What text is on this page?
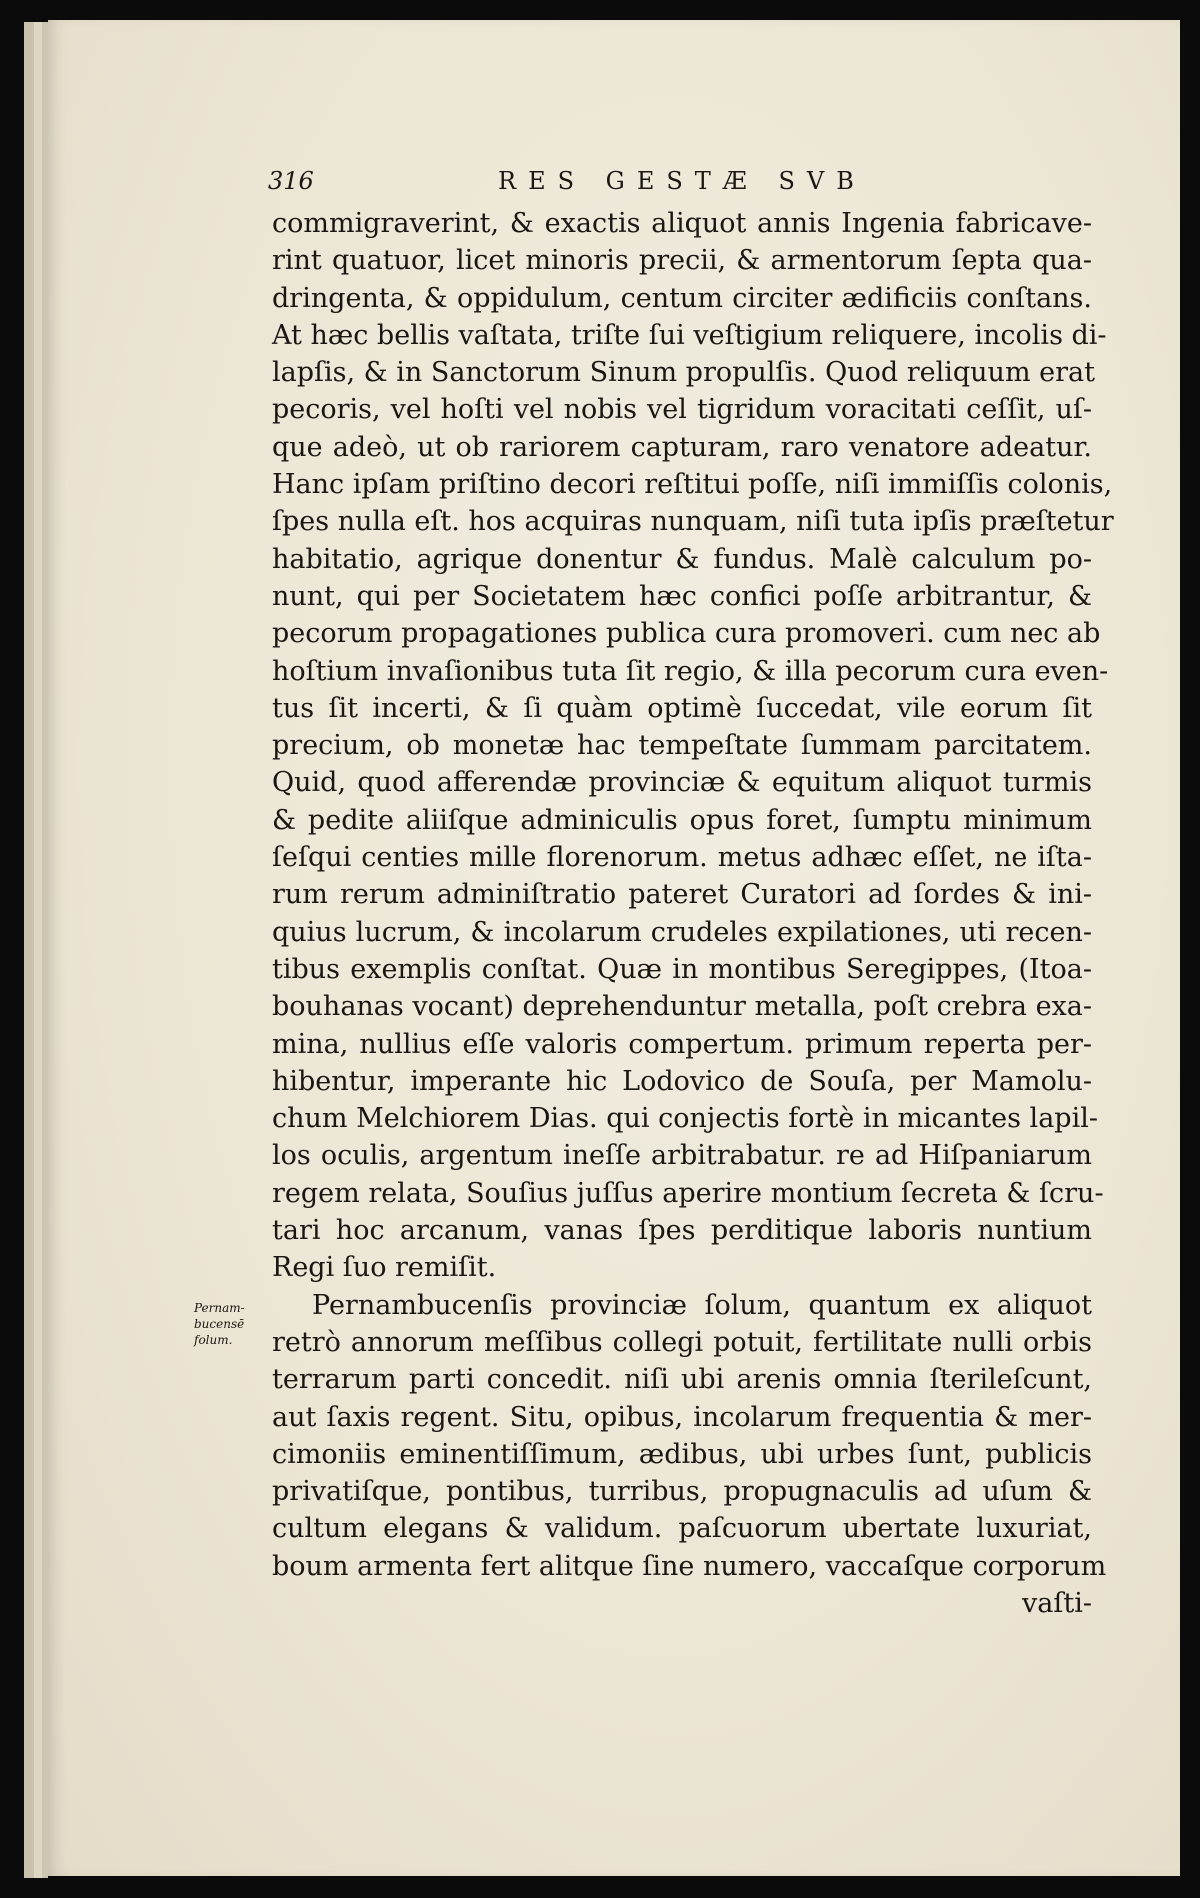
316	RES GESTÆ SVB
Pernam-
bucensē
folum.
commigraverint, & exactis aliquot annis Ingenia fabricave-
rint quatuor, licet minoris precii, & armentorum ſepta qua-
dringenta, & oppidulum, centum circiter ædificiis conſtans.
At hæc bellis vaſtata, triſte ſui veſtigium reliquere, incolis di-
lapſis, & in Sanctorum Sinum propulſis. Quod reliquum erat
pecoris, vel hoſti vel nobis vel tigridum voracitati ceſſit, uſ-
que adeò, ut ob rariorem capturam, raro venatore adeatur.
Hanc ipſam priſtino decori reſtitui poſſe, niſi immiſſis colonis,
ſpes nulla eſt. hos acquiras nunquam, niſi tuta ipſis præſtetur
habitatio, agrique donentur & fundus. Malè calculum po-
nunt, qui per Societatem hæc confici poſſe arbitrantur, &
pecorum propagationes publica cura promoveri. cum nec ab
hoſtium invaſionibus tuta ſit regio, & illa pecorum cura even-
tus ſit incerti, & ſi quàm optimè ſuccedat, vile eorum ſit
precium, ob monetæ hac tempeſtate ſummam parcitatem.
Quid, quod afferendæ provinciæ & equitum aliquot turmis
& pedite aliiſque adminiculis opus foret, ſumptu minimum
ſeſqui centies mille florenorum. metus adhæc eſſet, ne iſta-
rum rerum adminiſtratio pateret Curatori ad ſordes & ini-
quius lucrum, & incolarum crudeles expilationes, uti recen-
tibus exemplis conſtat. Quæ in montibus Seregippes, (Itoa-
bouhanas vocant) deprehenduntur metalla, poſt crebra exa-
mina, nullius eſſe valoris compertum. primum reperta per-
hibentur, imperante hic Lodovico de Souſa, per Mamolu-
chum Melchiorem Dias. qui conjectis fortè in micantes lapil-
los oculis, argentum ineſſe arbitrabatur. re ad Hiſpaniarum
regem relata, Souſius juſſus aperire montium ſecreta & ſcru-
tari hoc arcanum, vanas ſpes perditique laboris nuntium
Regi ſuo remiſit.
Pernambucenſis provinciæ ſolum, quantum ex aliquot
retrò annorum meſſibus collegi potuit, fertilitate nulli orbis
terrarum parti concedit. niſi ubi arenis omnia ſterileſcunt,
aut ſaxis regent. Situ, opibus, incolarum frequentia & mer-
cimoniis eminentiſſimum, ædibus, ubi urbes ſunt, publicis
privatiſque, pontibus, turribus, propugnaculis ad uſum &
cultum elegans & validum. paſcuorum ubertate luxuriat,
boum armenta fert alitque ſine numero, vaccaſque corporum
vaſti-
